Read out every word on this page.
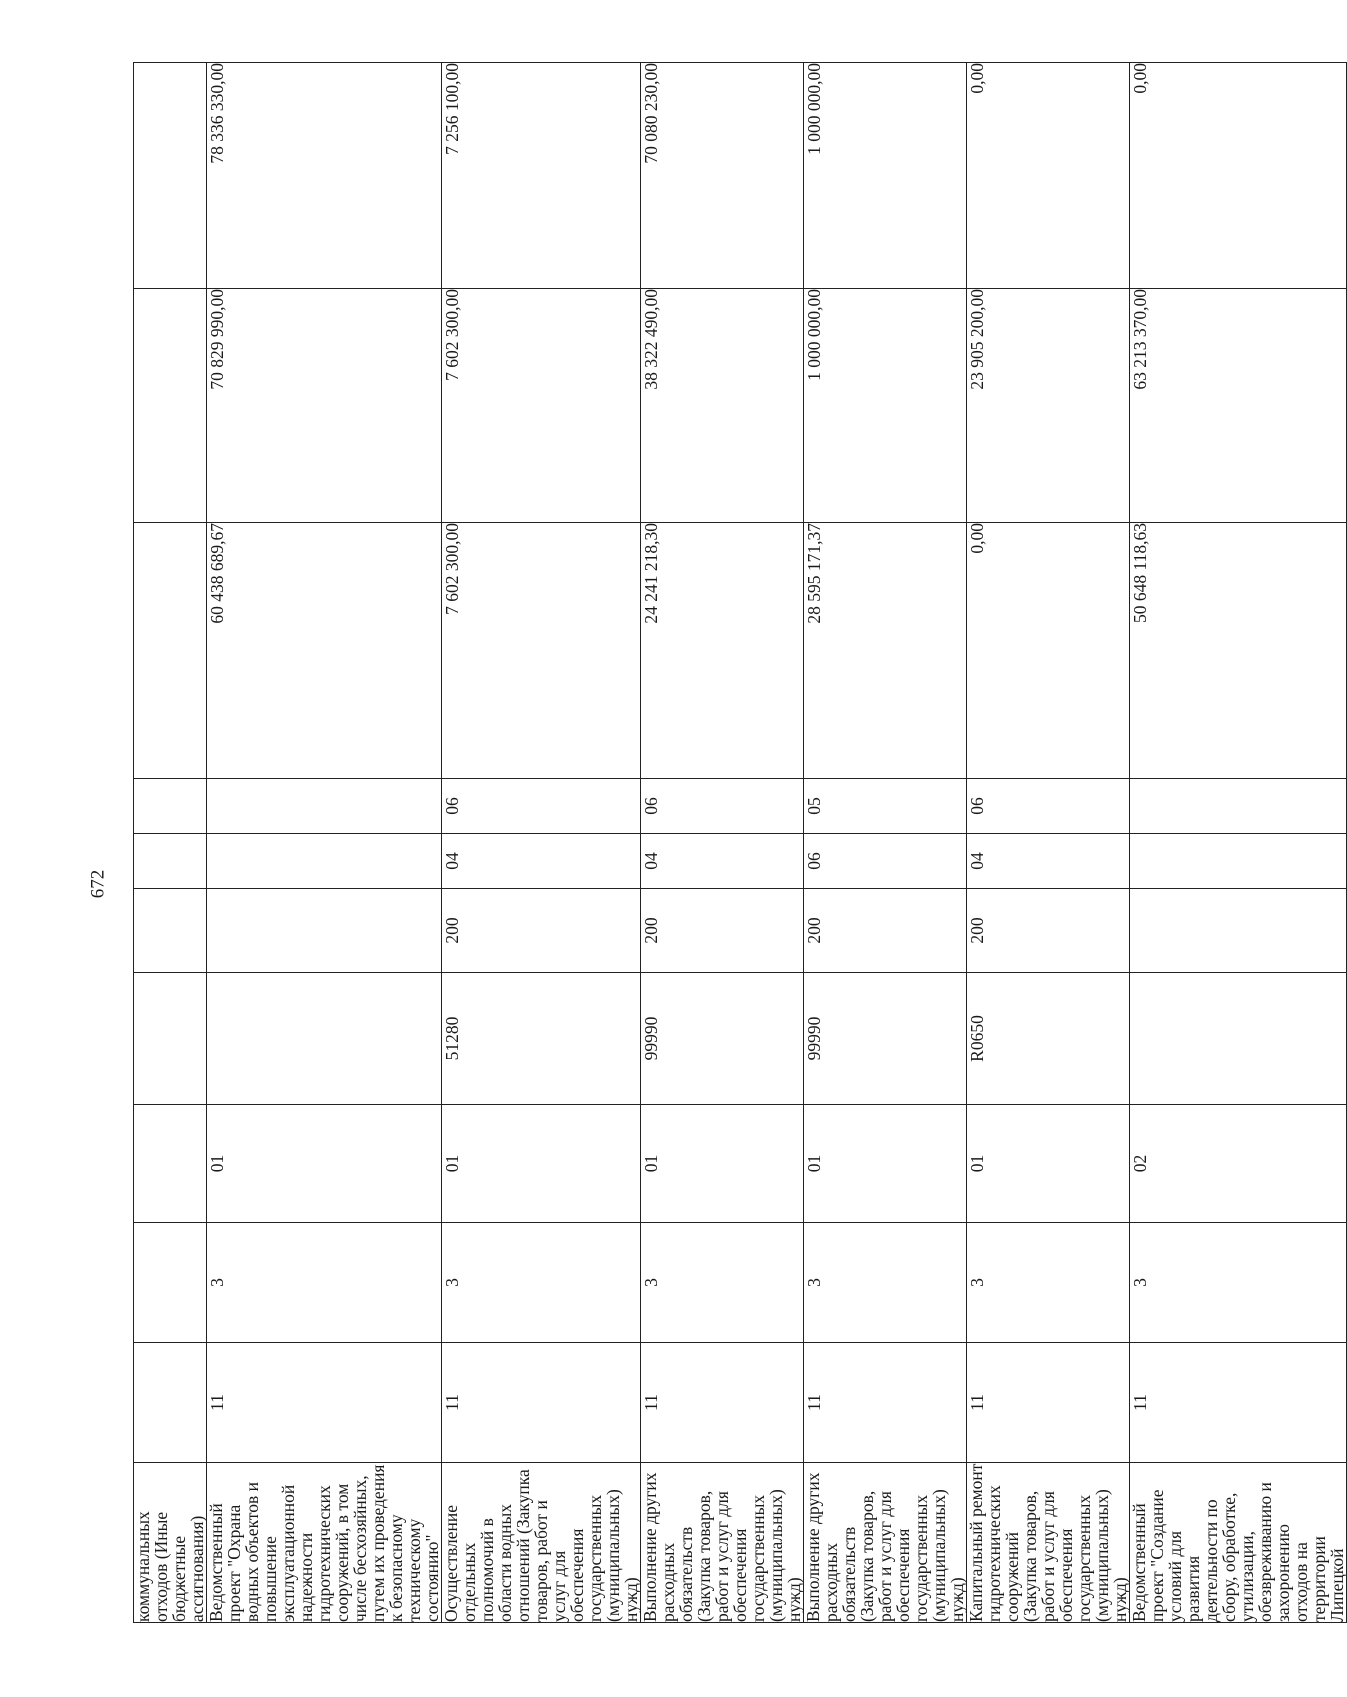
672
коммунальных отходов (Иные бюджетные ассигнования)										
Ведомственный проект "Охрана водных объектов и повышение эксплуатационной надежности гидротехнических сооружений, в том числе бесхозяйных, путем их проведения к безопасному техническому состоянию"	11	3	01					60 438 689,67	70 829 990,00	78 336 330,00
Осуществление отдельных полномочий в области водных отношений (Закупка товаров, работ и услуг для обеспечения государственных (муниципальных) нужд)	11	3	01	51280	200	04	06	7 602 300,00	7 602 300,00	7 256 100,00
Выполнение других расходных обязательств (Закупка товаров, работ и услуг для обеспечения государственных (муниципальных) нужд)	11	3	01	99990	200	04	06	24 241 218,30	38 322 490,00	70 080 230,00
Выполнение других расходных обязательств (Закупка товаров, работ и услуг для обеспечения государственных (муниципальных) нужд)	11	3	01	99990	200	06	05	28 595 171,37	1 000 000,00	1 000 000,00
Капитальный ремонт гидротехнических сооружений (Закупка товаров, работ и услуг для обеспечения государственных (муниципальных) нужд)	11	3	01	R0650	200	04	06	0,00	23 905 200,00	0,00
Ведомственный проект "Создание условий для развития деятельности по сбору, обработке, утилизации, обезвреживанию и захоронению отходов на территории Липецкой	11	3	02					50 648 118,63	63 213 370,00	0,00
